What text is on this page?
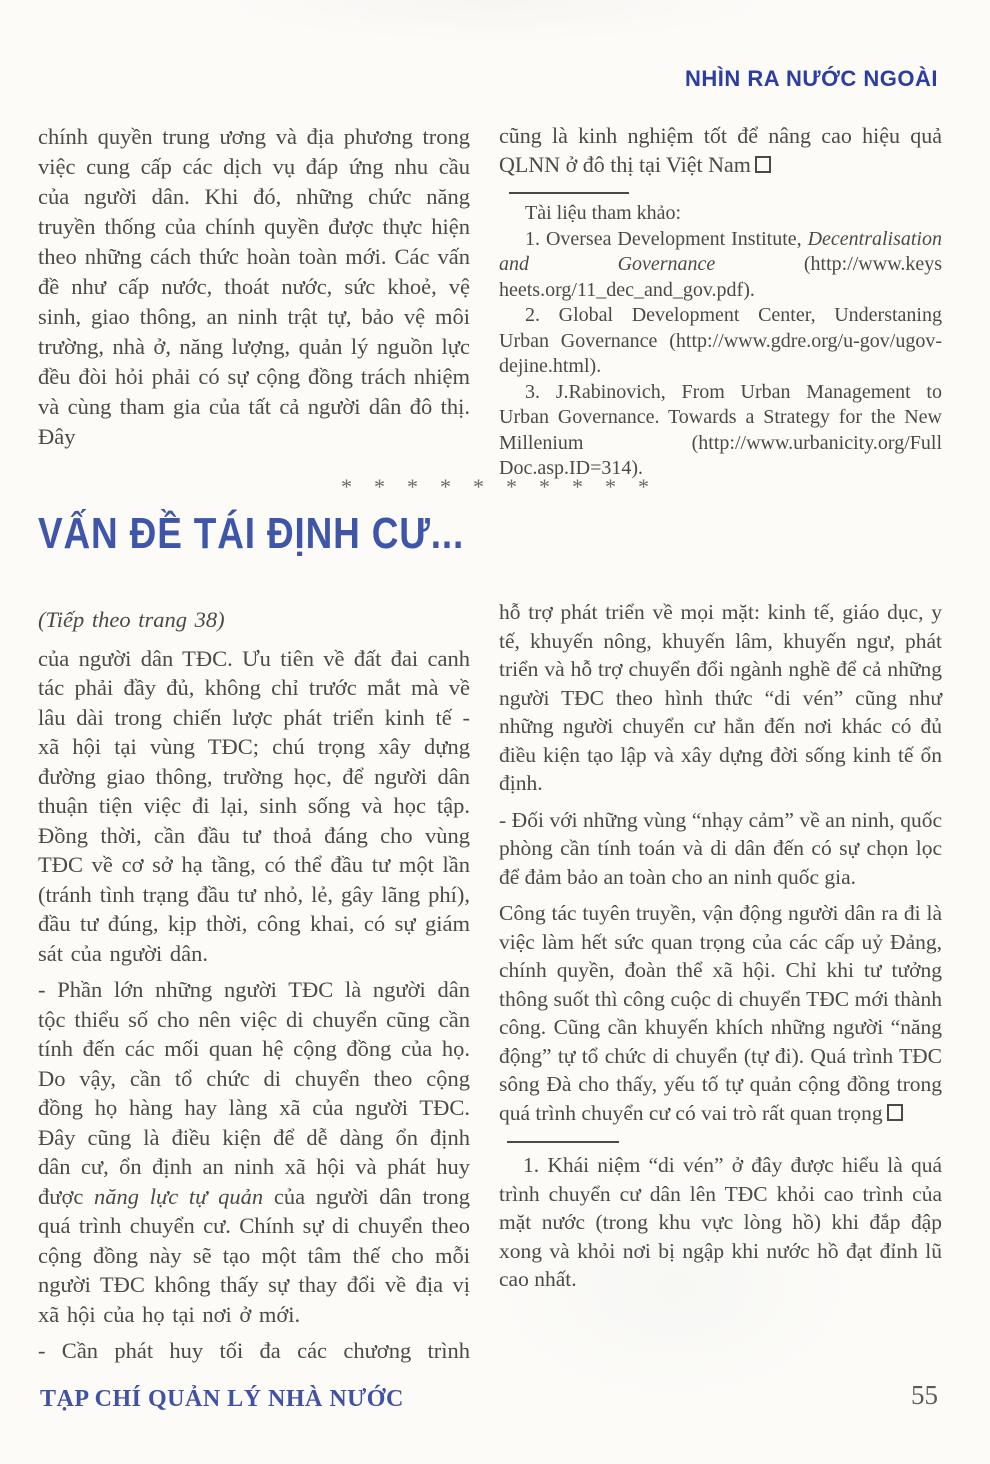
NHÌN RA NƯỚC NGOÀI

chính quyền trung ương và địa phương trong việc cung cấp các dịch vụ đáp ứng nhu cầu của người dân. Khi đó, những chức năng truyền thống của chính quyền được thực hiện theo những cách thức hoàn toàn mới. Các vấn đề như cấp nước, thoát nước, sức khoẻ, vệ sinh, giao thông, an ninh trật tự, bảo vệ môi trường, nhà ở, năng lượng, quản lý nguồn lực đều đòi hỏi phải có sự cộng đồng trách nhiệm và cùng tham gia của tất cả người dân đô thị. Đây

cũng là kinh nghiệm tốt để nâng cao hiệu quả QLNN ở đô thị tại Việt Nam

Tài liệu tham khảo:

1. Oversea Development Institute, Decentralisation and Governance (http://www.keys heets.org/11_dec_and_gov.pdf).

2. Global Development Center, Understaning Urban Governance (http://www.gdre.org/u-gov/ugov-dejine.html).

3. J.Rabinovich, From Urban Management to Urban Governance. Towards a Strategy for the New Millenium (http://www.urbanicity.org/Full Doc.asp.ID=314).

**********
VẤN ĐỀ TÁI ĐỊNH CƯ...

(Tiếp theo trang 38)

của người dân TĐC. Ưu tiên về đất đai canh tác phải đầy đủ, không chỉ trước mắt mà về lâu dài trong chiến lược phát triển kinh tế - xã hội tại vùng TĐC; chú trọng xây dựng đường giao thông, trường học, để người dân thuận tiện việc đi lại, sinh sống và học tập. Đồng thời, cần đầu tư thoả đáng cho vùng TĐC về cơ sở hạ tầng, có thể đầu tư một lần (tránh tình trạng đầu tư nhỏ, lẻ, gây lãng phí), đầu tư đúng, kịp thời, công khai, có sự giám sát của người dân.

- Phần lớn những người TĐC là người dân tộc thiểu số cho nên việc di chuyển cũng cần tính đến các mối quan hệ cộng đồng của họ. Do vậy, cần tổ chức di chuyển theo cộng đồng họ hàng hay làng xã của người TĐC. Đây cũng là điều kiện để dễ dàng ổn định dân cư, ổn định an ninh xã hội và phát huy được năng lực tự quản của người dân trong quá trình chuyển cư. Chính sự di chuyển theo cộng đồng này sẽ tạo một tâm thế cho mỗi người TĐC không thấy sự thay đổi về địa vị xã hội của họ tại nơi ở mới.

- Cần phát huy tối đa các chương trình

hỗ trợ phát triển về mọi mặt: kinh tế, giáo dục, y tế, khuyến nông, khuyến lâm, khuyến ngư, phát triển và hỗ trợ chuyển đổi ngành nghề để cả những người TĐC theo hình thức “di vén” cũng như những người chuyển cư hẳn đến nơi khác có đủ điều kiện tạo lập và xây dựng đời sống kinh tế ổn định.

- Đối với những vùng “nhạy cảm” về an ninh, quốc phòng cần tính toán và di dân đến có sự chọn lọc để đảm bảo an toàn cho an ninh quốc gia.

Công tác tuyên truyền, vận động người dân ra đi là việc làm hết sức quan trọng của các cấp uỷ Đảng, chính quyền, đoàn thể xã hội. Chỉ khi tư tưởng thông suốt thì công cuộc di chuyển TĐC mới thành công. Cũng cần khuyến khích những người “năng động” tự tổ chức di chuyển (tự đi). Quá trình TĐC sông Đà cho thấy, yếu tố tự quản cộng đồng trong quá trình chuyển cư có vai trò rất quan trọng

1. Khái niệm “di vén” ở đây được hiểu là quá trình chuyển cư dân lên TĐC khỏi cao trình của mặt nước (trong khu vực lòng hồ) khi đắp đập xong và khỏi nơi bị ngập khi nước hồ đạt đỉnh lũ cao nhất.

TẠP CHÍ QUẢN LÝ NHÀ NƯỚC	55
